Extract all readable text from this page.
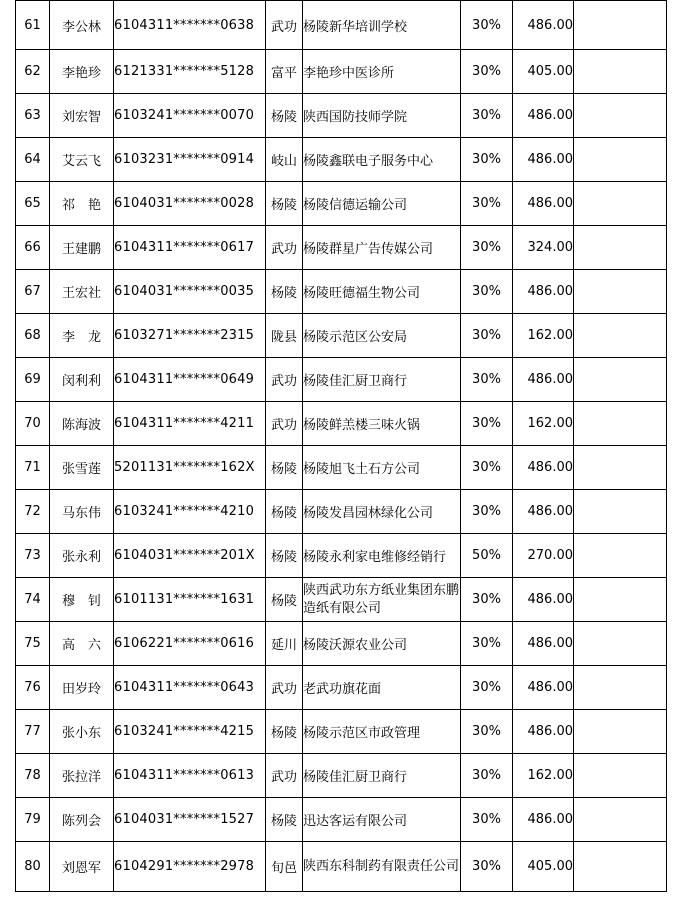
61	李公林	6104311*******0638	武功	杨陵新华培训学校	30%	486.00	
62	李艳珍	6121331*******5128	富平	李艳珍中医诊所	30%	405.00	
63	刘宏智	6103241*******0070	杨陵	陕西国防技师学院	30%	486.00	
64	艾云飞	6103231*******0914	岐山	杨陵鑫联电子服务中心	30%	486.00	
65	祁　艳	6104031*******0028	杨陵	杨陵信德运输公司	30%	486.00	
66	王建鹏	6104311*******0617	武功	杨陵群星广告传媒公司	30%	324.00	
67	王宏社	6104031*******0035	杨陵	杨陵旺德福生物公司	30%	486.00	
68	李　龙	6103271*******2315	陇县	杨陵示范区公安局	30%	162.00	
69	闵利利	6104311*******0649	武功	杨陵佳汇厨卫商行	30%	486.00	
70	陈海波	6104311*******4211	武功	杨陵鲜羔楼三味火锅	30%	162.00	
71	张雪莲	5201131*******162X	杨陵	杨陵旭飞土石方公司	30%	486.00	
72	马东伟	6103241*******4210	杨陵	杨陵发昌园林绿化公司	30%	486.00	
73	张永利	6104031*******201X	杨陵	杨陵永利家电维修经销行	50%	270.00	
74	穆　钊	6101131*******1631	杨陵	陕西武功东方纸业集团东鹏造纸有限公司	30%	486.00	
75	高　六	6106221*******0616	延川	杨陵沃源农业公司	30%	486.00	
76	田岁玲	6104311*******0643	武功	老武功旗花面	30%	486.00	
77	张小东	6103241*******4215	杨陵	杨陵示范区市政管理	30%	486.00	
78	张拉洋	6104311*******0613	武功	杨陵佳汇厨卫商行	30%	162.00	
79	陈列会	6104031*******1527	杨陵	迅达客运有限公司	30%	486.00	
80	刘恩军	6104291*******2978	旬邑	陕西东科制药有限责任公司	30%	405.00	
